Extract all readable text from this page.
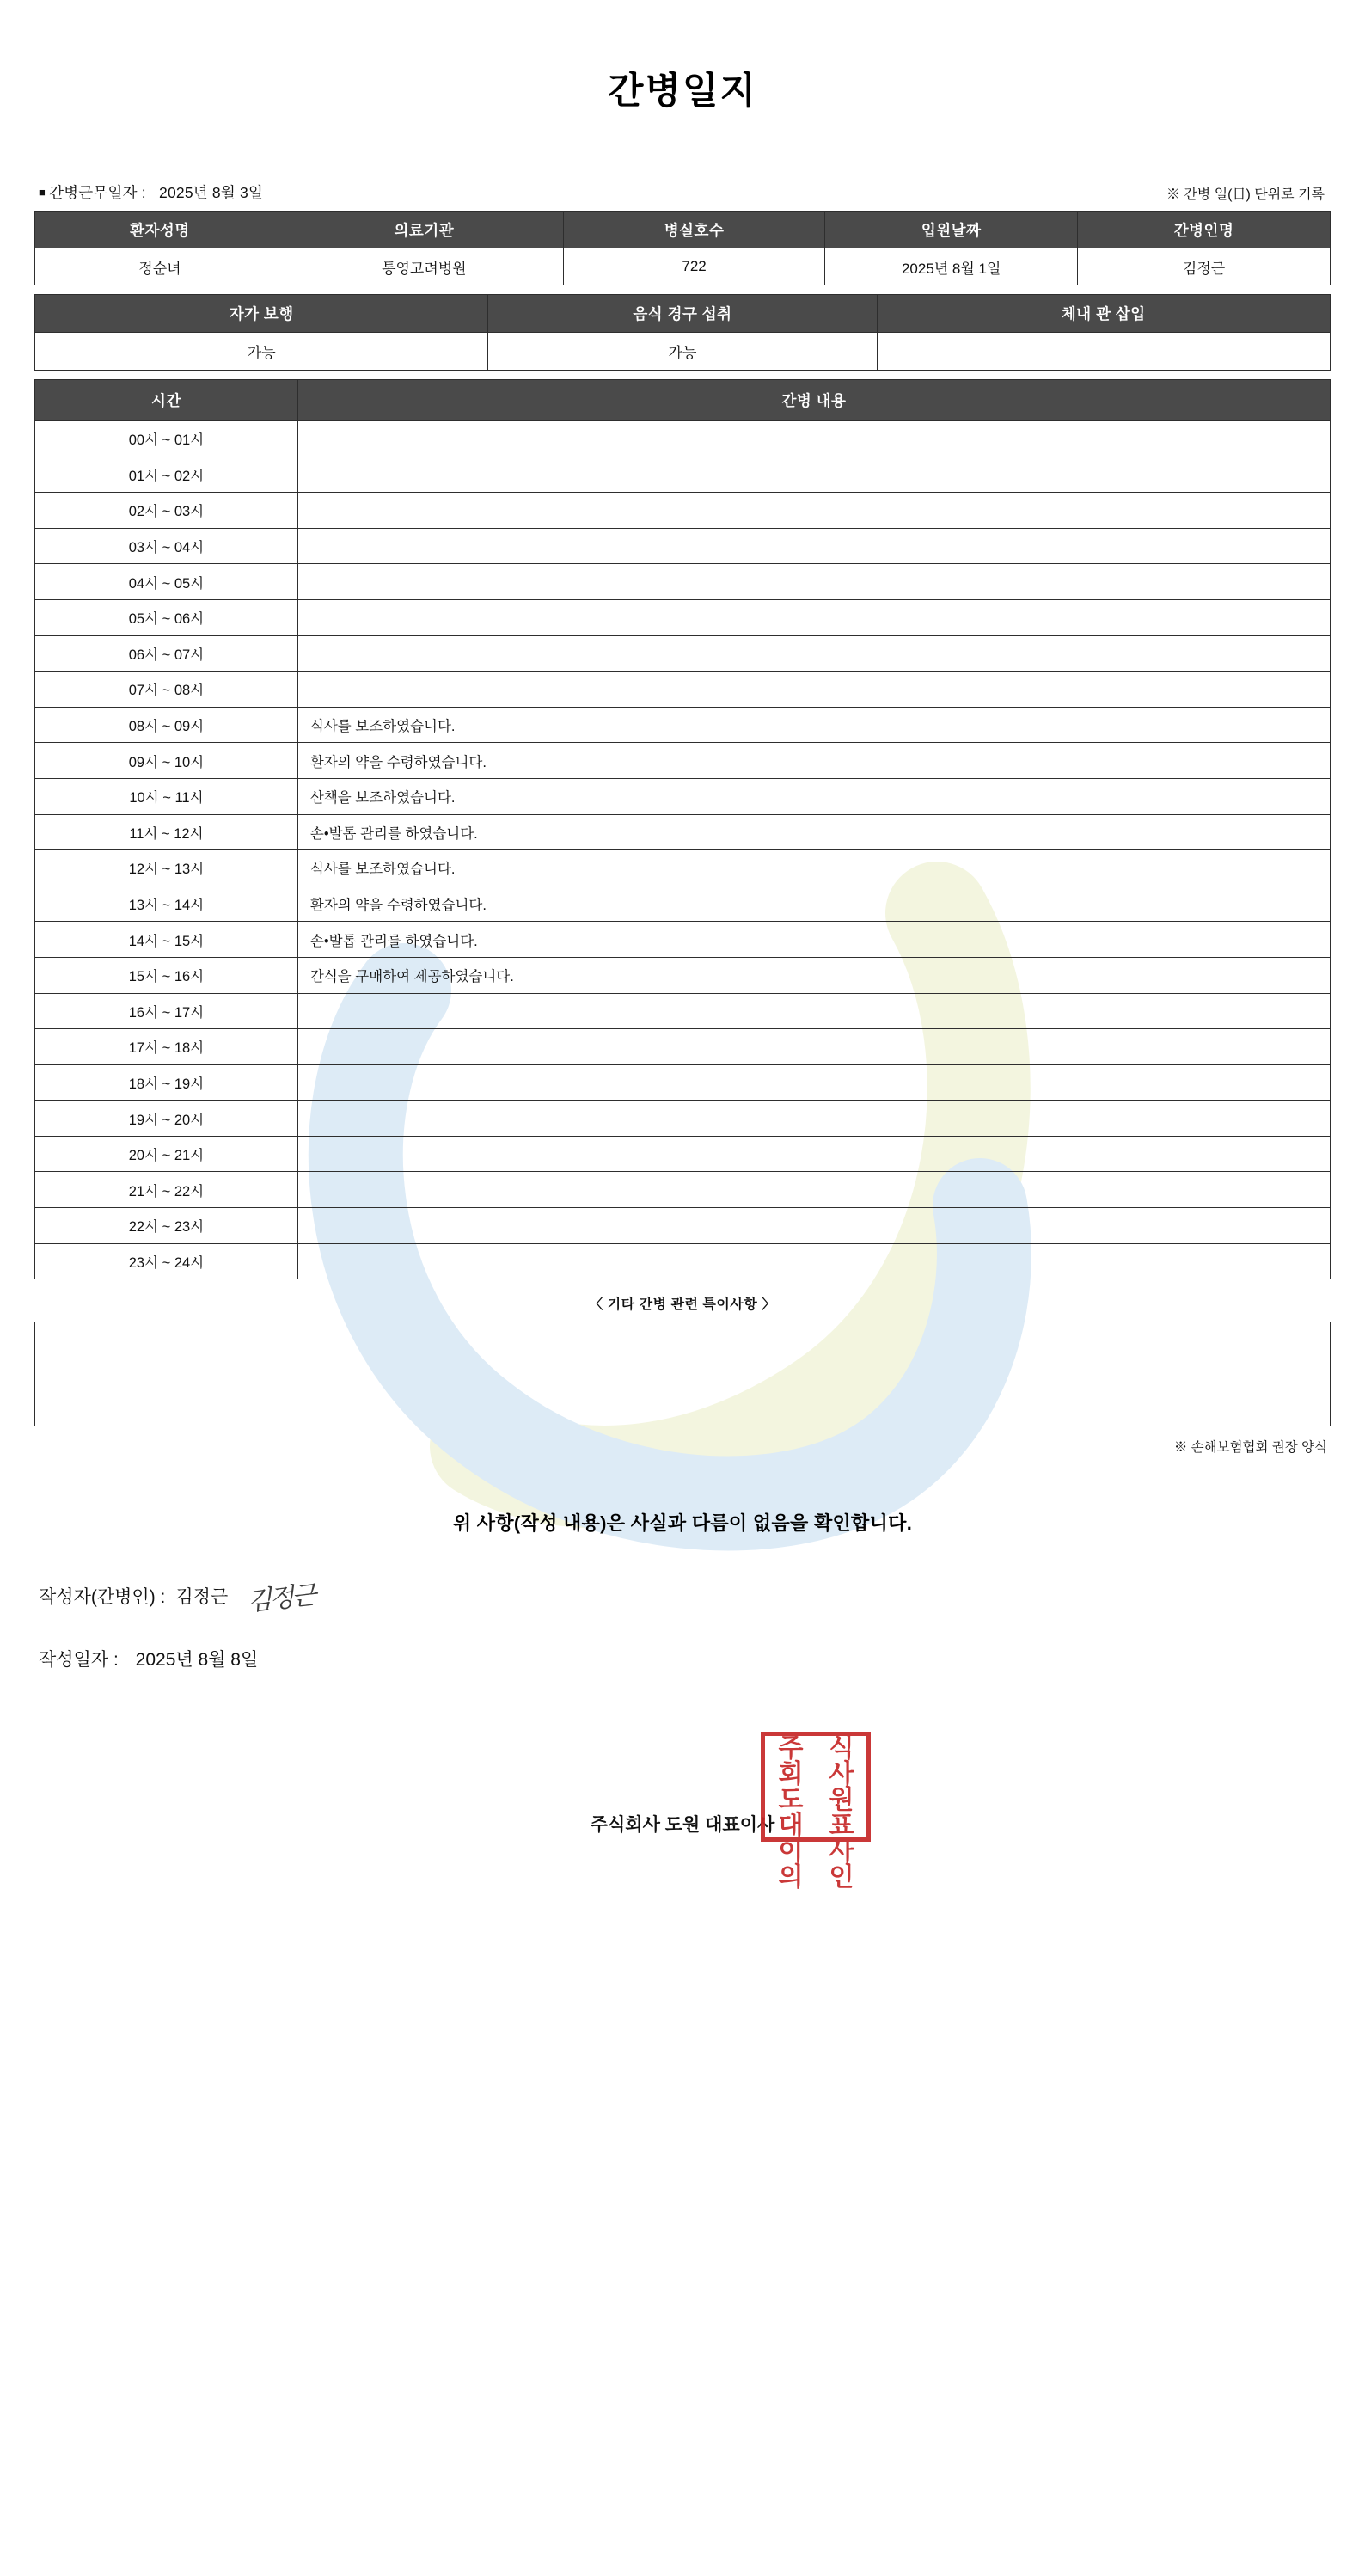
간병일지
■ 간병근무일자 : 2025년 8월 3일	※ 간병 일(日) 단위로 기록
환자성명	의료기관	병실호수	입원날짜	간병인명
정순녀	통영고려병원	722	2025년 8월 1일	김정근
자가 보행	음식 경구 섭취	체내 관 삽입
가능	가능	
시간	간병 내용
00시 ~ 01시	
01시 ~ 02시	
02시 ~ 03시	
03시 ~ 04시	
04시 ~ 05시	
05시 ~ 06시	
06시 ~ 07시	
07시 ~ 08시	
08시 ~ 09시	식사를 보조하였습니다.
09시 ~ 10시	환자의 약을 수령하였습니다.
10시 ~ 11시	산책을 보조하였습니다.
11시 ~ 12시	손•발톱 관리를 하였습니다.
12시 ~ 13시	식사를 보조하였습니다.
13시 ~ 14시	환자의 약을 수령하였습니다.
14시 ~ 15시	손•발톱 관리를 하였습니다.
15시 ~ 16시	간식을 구매하여 제공하였습니다.
16시 ~ 17시	
17시 ~ 18시	
18시 ~ 19시	
19시 ~ 20시	
20시 ~ 21시	
21시 ~ 22시	
22시 ~ 23시	
23시 ~ 24시	
〈 기타 간병 관련 특이사항 〉
※ 손해보험협회 권장 양식
위 사항(작성 내용)은 사실과 다름이 없음을 확인합니다.
작성자(간병인) : 김정근 김정근
작성일자 : 2025년 8월 8일
주식회사 도원 대표이사
주	식
회	사
도	원
대	표
이	사
의	인
